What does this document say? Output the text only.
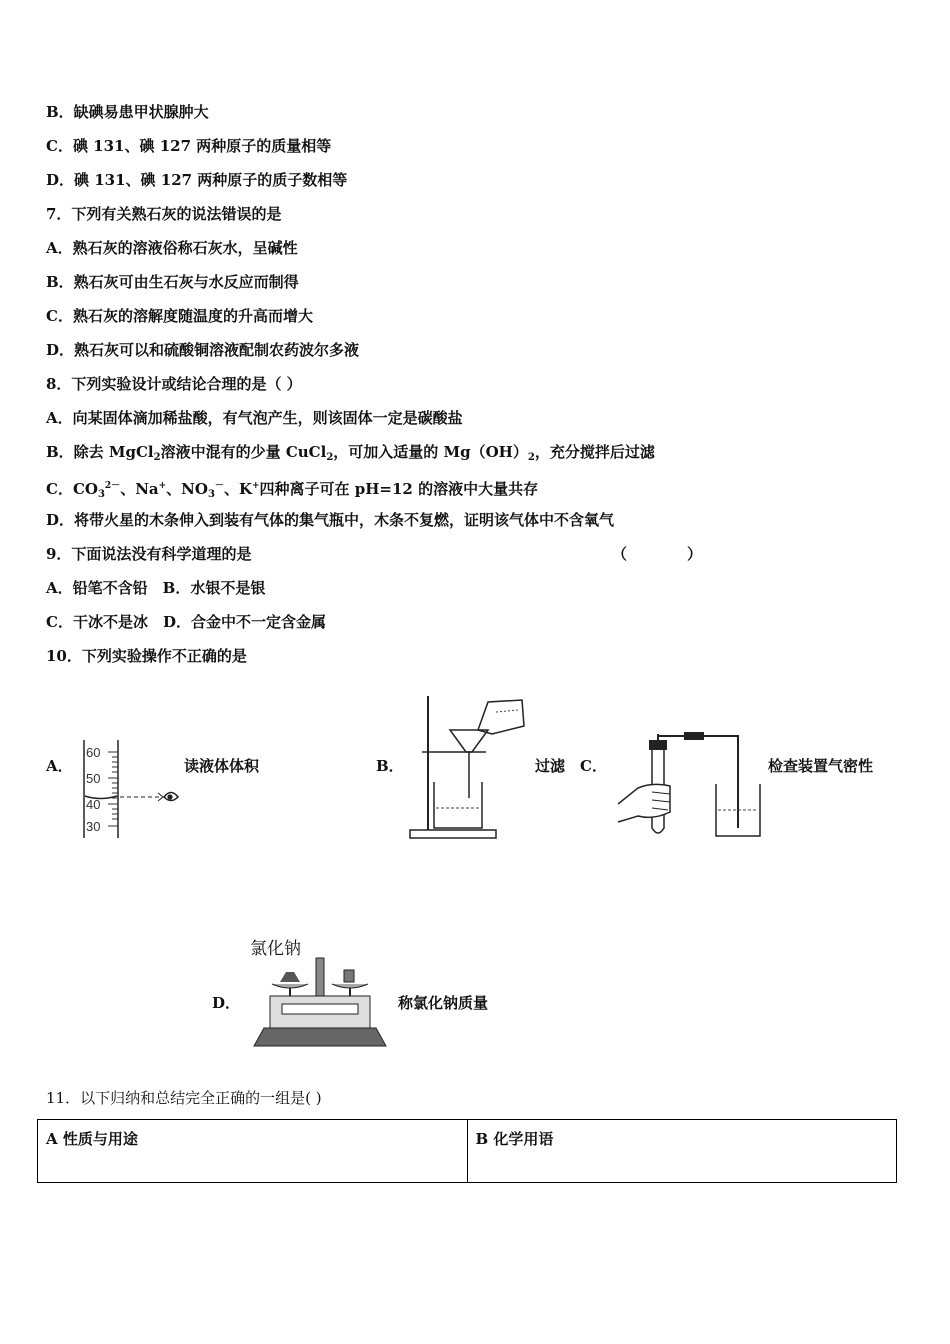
B．缺碘易患甲状腺肿大
C．碘 131、碘 127 两种原子的质量相等
D．碘 131、碘 127 两种原子的质子数相等
7．下列有关熟石灰的说法错误的是
A．熟石灰的溶液俗称石灰水，呈碱性
B．熟石灰可由生石灰与水反应而制得
C．熟石灰的溶解度随温度的升高而增大
D．熟石灰可以和硫酸铜溶液配制农药波尔多液
8．下列实验设计或结论合理的是（ ）
A．向某固体滴加稀盐酸，有气泡产生，则该固体一定是碳酸盐
B．除去 MgCl$_2$溶液中混有的少量 CuCl$_2$，可加入适量的 $Mg(OH)_2$，充分搅拌后过滤
C．$CO_3^{2-}$、Na+、$NO_3^-$、K+四种离子可在 pH=12 的溶液中大量共存
D．将带火星的木条伸入到装有气体的集气瓶中，木条不复燃，证明该气体中不含氧气
9．下面说法没有科学道理的是	（　　　　）
A．铅笔不含铅　B．水银不是银
C．干冰不是冰　D．合金中不一定含金属
10．下列实验操作不正确的是
A．
60
50
40
30
读液体体积	B．	过滤 C．	检查装置气密性
D．
氯化钠
称氯化钠质量
11．以下归纳和总结完全正确的一组是( )
A 性质与用途	B 化学用语
